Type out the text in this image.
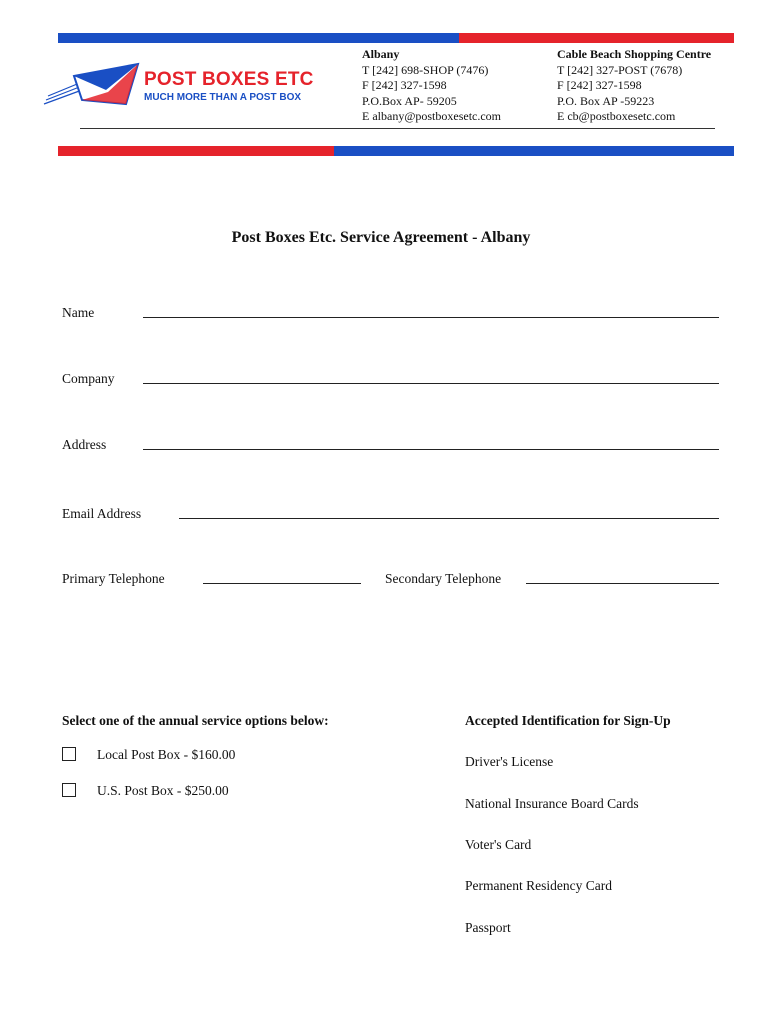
POST BOXES ETC
MUCH MORE THAN A POST BOX
Albany
T [242] 698-SHOP (7476)
F [242] 327-1598
P.O.Box AP- 59205
E albany@postboxesetc.com
Cable Beach Shopping Centre
T [242] 327-POST (7678)
F [242] 327-1598
P.O. Box AP -59223
E cb@postboxesetc.com
Post Boxes Etc. Service Agreement - Albany
Name
Company
Address
Email Address
Primary Telephone	Secondary Telephone
Select one of the annual service options below:
Local Post Box - $160.00
U.S. Post Box - $250.00
Accepted Identification for Sign-Up
Driver's License
National Insurance Board Cards
Voter's Card
Permanent Residency Card
Passport
